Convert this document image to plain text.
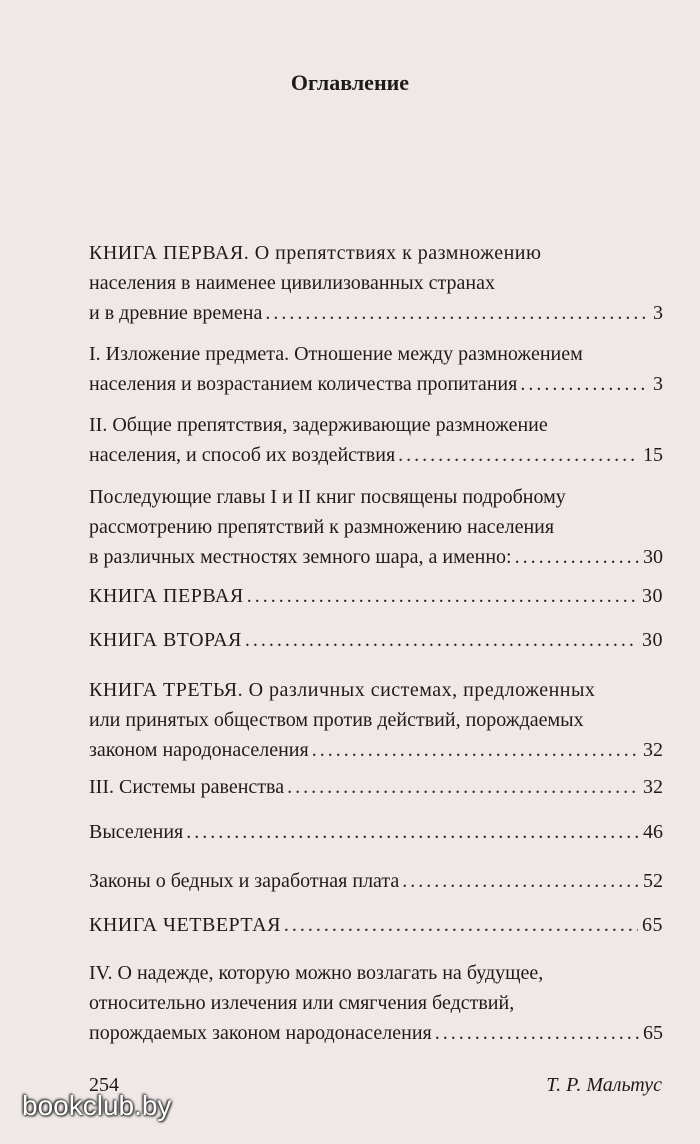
Оглавление
КНИГА ПЕРВАЯ. О препятствиях к размножению
населения в наименее цивилизованных странах
и в древние времена .....	3
I. Изложение предмета. Отношение между размножением
населения и возрастанием количества пропитания .....	3
II. Общие препятствия, задерживающие размножение
населения, и способ их воздействия .....	15
Последующие главы I и II книг посвящены подробному
рассмотрению препятствий к размножению населения
в различных местностях земного шара, а именно: .....	30
КНИГА ПЕРВАЯ .....	30
КНИГА ВТОРАЯ .....	30
КНИГА ТРЕТЬЯ. О различных системах, предложенных
или принятых обществом против действий, порождаемых
законом народонаселения .....	32
III. Системы равенства .....	32
Выселения .....	46
Законы о бедных и заработная плата .....	52
КНИГА ЧЕТВЕРТАЯ .....	65
IV. О надежде, которую можно возлагать на будущее,
относительно излечения или смягчения бедствий,
порождаемых законом народонаселения .....	65
254	Т. Р. Мальтус
bookclub.by
